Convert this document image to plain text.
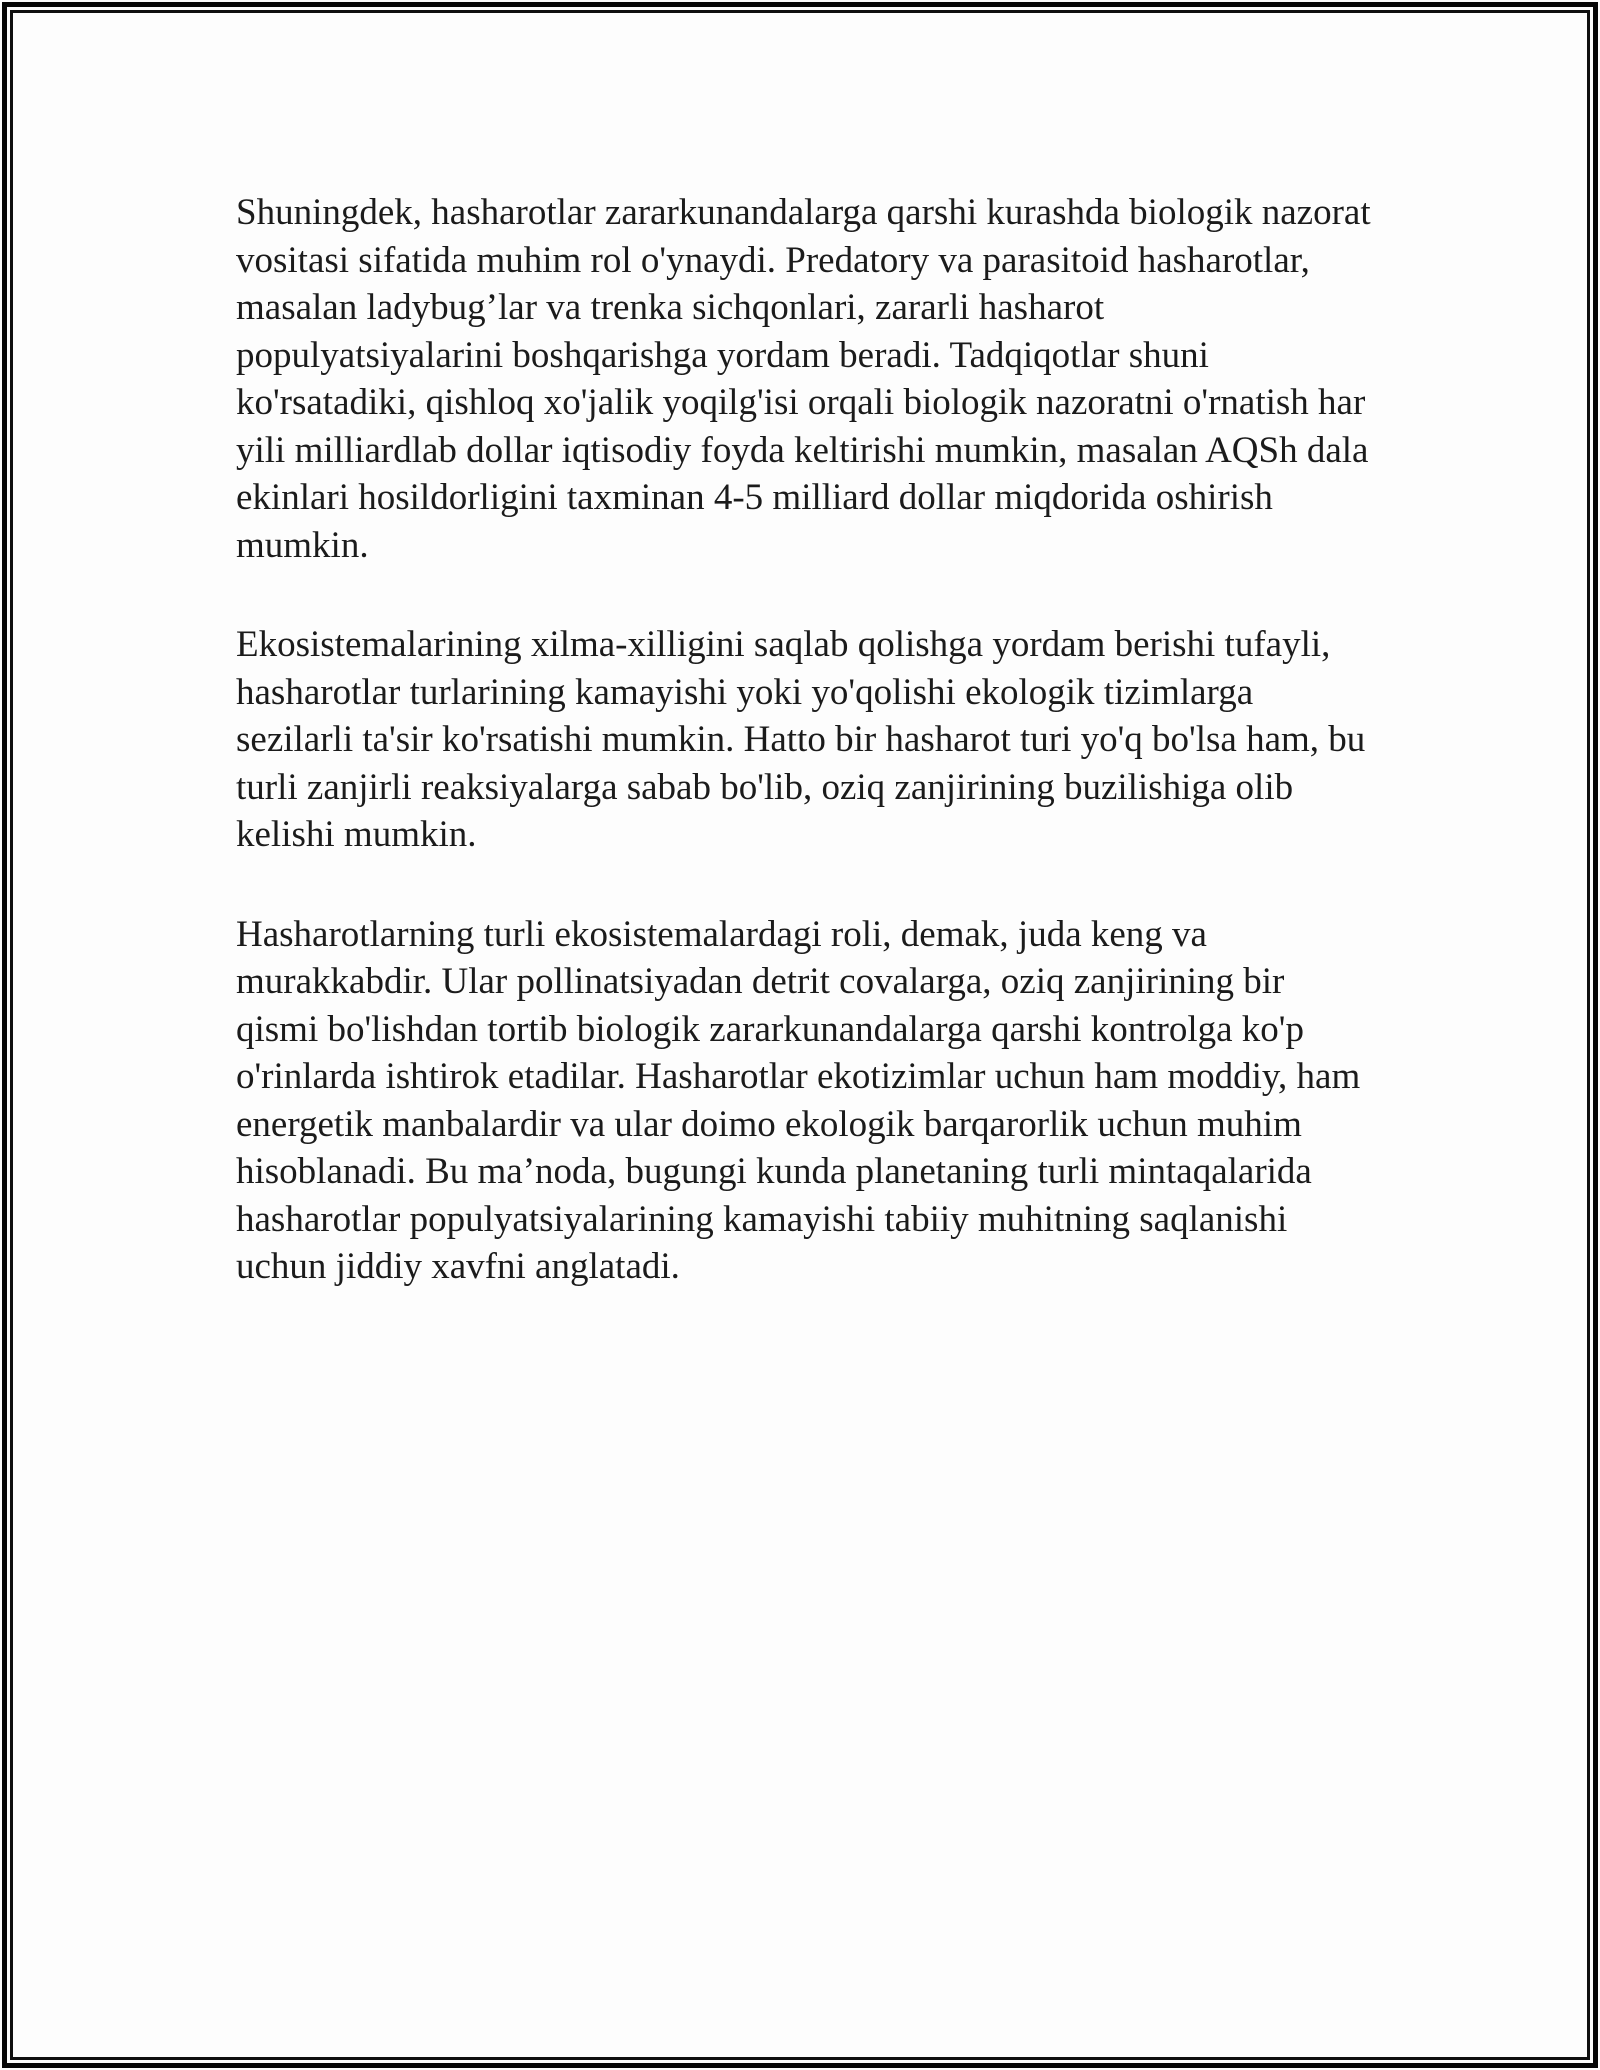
Shuningdek, hasharotlar zararkunandalarga qarshi kurashda biologik nazorat
vositasi sifatida muhim rol o'ynaydi. Predatory va parasitoid hasharotlar,
masalan ladybug’lar va trenka sichqonlari, zararli hasharot
populyatsiyalarini boshqarishga yordam beradi. Tadqiqotlar shuni
ko'rsatadiki, qishloq xo'jalik yoqilg'isi orqali biologik nazoratni o'rnatish har
yili milliardlab dollar iqtisodiy foyda keltirishi mumkin, masalan AQSh dala
ekinlari hosildorligini taxminan 4-5 milliard dollar miqdorida oshirish
mumkin.

Ekosistemalarining xilma-xilligini saqlab qolishga yordam berishi tufayli,
hasharotlar turlarining kamayishi yoki yo'qolishi ekologik tizimlarga
sezilarli ta'sir ko'rsatishi mumkin. Hatto bir hasharot turi yo'q bo'lsa ham, bu
turli zanjirli reaksiyalarga sabab bo'lib, oziq zanjirining buzilishiga olib
kelishi mumkin.

Hasharotlarning turli ekosistemalardagi roli, demak, juda keng va
murakkabdir. Ular pollinatsiyadan detrit covalarga, oziq zanjirining bir
qismi bo'lishdan tortib biologik zararkunandalarga qarshi kontrolga ko'p
o'rinlarda ishtirok etadilar. Hasharotlar ekotizimlar uchun ham moddiy, ham
energetik manbalardir va ular doimo ekologik barqarorlik uchun muhim
hisoblanadi. Bu ma’noda, bugungi kunda planetaning turli mintaqalarida
hasharotlar populyatsiyalarining kamayishi tabiiy muhitning saqlanishi
uchun jiddiy xavfni anglatadi.
